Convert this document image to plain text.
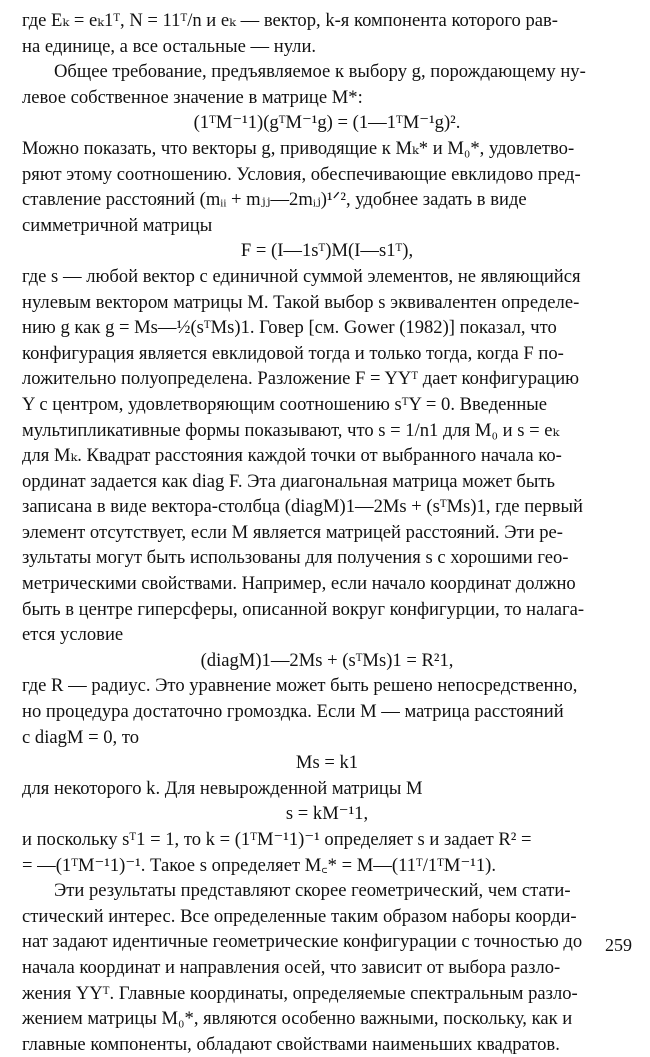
где Eₖ = eₖ1ᵀ, N = 11ᵀ/n и eₖ — вектор, k-я компонента которого рав-
на единице, а все остальные — нули.
Общее требование, предъявляемое к выбору g, порождающему ну-
левое собственное значение в матрице M*:
(1ᵀM⁻¹1)(gᵀM⁻¹g) = (1—1ᵀM⁻¹g)².
Можно показать, что векторы g, приводящие к Mₖ* и M₀*, удовлетво-
ряют этому соотношению. Условия, обеспечивающие евклидово пред-
ставление расстояний (mᵢᵢ + mⱼⱼ—2mᵢⱼ)¹ᐟ², удобнее задать в виде
симметричной матрицы
F = (I—1sᵀ)M(I—s1ᵀ),
где s — любой вектор с единичной суммой элементов, не являющийся
нулевым вектором матрицы M. Такой выбор s эквивалентен определе-
нию g как g = Ms—½(sᵀMs)1. Говер [см. Gower (1982)] показал, что
конфигурация является евклидовой тогда и только тогда, когда F по-
ложительно полуопределена. Разложение F = YYᵀ дает конфигурацию
Y с центром, удовлетворяющим соотношению sᵀY = 0. Введенные
мультипликативные формы показывают, что s = 1/n1 для M₀ и s = eₖ
для Mₖ. Квадрат расстояния каждой точки от выбранного начала ко-
ординат задается как diag F. Эта диагональная матрица может быть
записана в виде вектора-столбца (diagM)1—2Ms + (sᵀMs)1, где первый
элемент отсутствует, если M является матрицей расстояний. Эти ре-
зультаты могут быть использованы для получения s с хорошими гео-
метрическими свойствами. Например, если начало координат должно
быть в центре гиперсферы, описанной вокруг конфигурции, то налага-
ется условие
(diagM)1—2Ms + (sᵀMs)1 = R²1,
где R — радиус. Это уравнение может быть решено непосредственно,
но процедура достаточно громоздка. Если M — матрица расстояний
с diagM = 0, то
Ms = k1
для некоторого k. Для невырожденной матрицы M
s = kM⁻¹1,
и поскольку sᵀ1 = 1, то k = (1ᵀM⁻¹1)⁻¹ определяет s и задает R² =
= —(1ᵀM⁻¹1)⁻¹. Такое s определяет M꜀* = M—(11ᵀ/1ᵀM⁻¹1).
Эти результаты представляют скорее геометрический, чем стати-
стический интерес. Все определенные таким образом наборы коорди-
нат задают идентичные геометрические конфигурации с точностью до
начала координат и направления осей, что зависит от выбора разло-
жения YYᵀ. Главные координаты, определяемые спектральным разло-
жением матрицы M₀*, являются особенно важными, поскольку, как и
главные компоненты, обладают свойствами наименьших квадратов.
259
